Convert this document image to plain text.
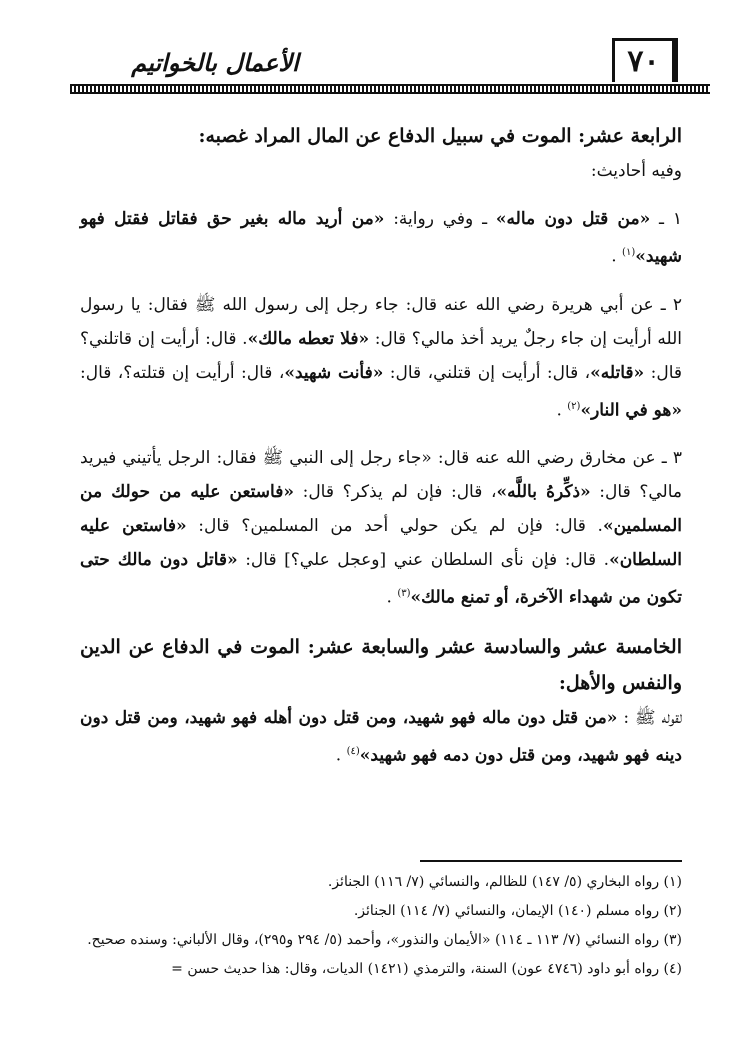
٧٠
الأعمال بالخواتيم

الرابعة عشر: الموت في سبيل الدفاع عن المال المراد غصبه:

وفيه أحاديث:

١ ـ «من قتل دون ماله» ـ وفي رواية: «من أريد ماله بغير حق فقاتل فقتل فهو شهيد»$^{(١)}$ .

٢ ـ عن أبي هريرة رضي الله عنه قال: جاء رجل إلى رسول الله ﷺ فقال: يا رسول الله أرأيت إن جاء رجلٌ يريد أخذ مالي؟ قال: «فلا تعطه مالك». قال: أرأيت إن قاتلني؟ قال: «قاتله»، قال: أرأيت إن قتلني، قال: «فأنت شهيد»، قال: أرأيت إن قتلته؟، قال: «هو في النار»$^{(٢)}$ .

٣ ـ عن مخارق رضي الله عنه قال: «جاء رجل إلى النبي ﷺ فقال: الرجل يأتيني فيريد مالي؟ قال: «ذكِّرهُ باللَّه»، قال: فإن لم يذكر؟ قال: «فاستعن عليه من حولك من المسلمين». قال: فإن لم يكن حولي أحد من المسلمين؟ قال: «فاستعن عليه السلطان». قال: فإن نأى السلطان عني [وعجل علي؟] قال: «قاتل دون مالك حتى تكون من شهداء الآخرة، أو تمنع مالك»$^{(٣)}$ .

الخامسة عشر والسادسة عشر والسابعة عشر: الموت في الدفاع عن الدين والنفس والأهل:

لقوله ﷺ : «من قتل دون ماله فهو شهيد، ومن قتل دون أهله فهو شهيد، ومن قتل دون دينه فهو شهيد، ومن قتل دون دمه فهو شهيد»$^{(٤)}$ .

(١) رواه البخاري (٥/ ١٤٧) للظالم، والنسائي (٧/ ١١٦) الجنائز.

(٢) رواه مسلم (١٤٠) الإيمان، والنسائي (٧/ ١١٤) الجنائز.

(٣) رواه النسائي (٧/ ١١٣ ـ ١١٤) «الأيمان والنذور»، وأحمد (٥/ ٢٩٤ و٢٩٥)، وقال الألباني: وسنده صحيح.

(٤) رواه أبو داود (٤٧٤٦ عون) السنة، والترمذي (١٤٢١) الديات، وقال: هذا حديث حسن =
